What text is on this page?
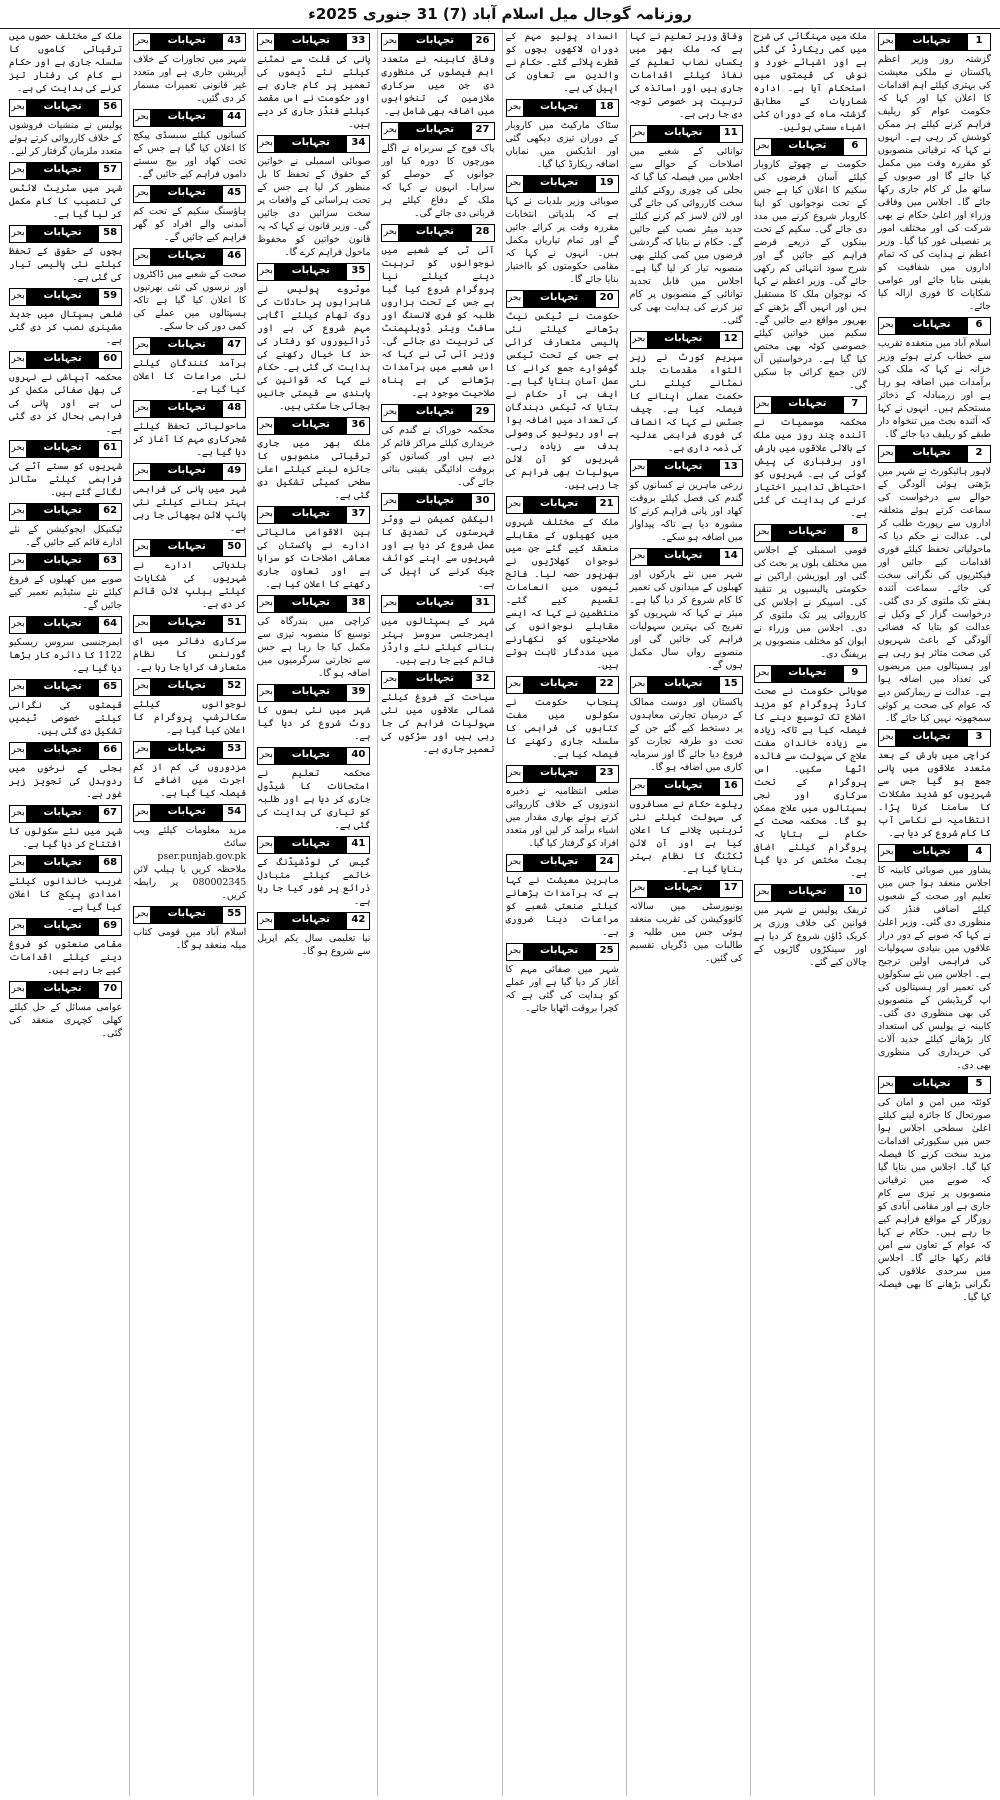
روزنامہ گوجال میل اسلام آباد (7) 31 جنوری 2025ء
1
تجہابات
بحر

گزشتہ روز وزیر اعظم پاکستان نے ملکی معیشت کی بہتری کیلئے اہم اقدامات کا اعلان کیا اور کہا کہ حکومت عوام کو ریلیف فراہم کرنے کیلئے ہر ممکن کوشش کر رہی ہے۔ انہوں نے کہا کہ ترقیاتی منصوبوں کو مقررہ وقت میں مکمل کیا جائے گا اور صوبوں کے ساتھ مل کر کام جاری رکھا جائے گا۔ اجلاس میں وفاقی وزراء اور اعلیٰ حکام نے بھی شرکت کی اور مختلف امور پر تفصیلی غور کیا گیا۔ وزیر اعظم نے ہدایت کی کہ تمام اداروں میں شفافیت کو یقینی بنایا جائے اور عوامی شکایات کا فوری ازالہ کیا جائے۔

6
تجہابات
بحر

اسلام آباد میں منعقدہ تقریب سے خطاب کرتے ہوئے وزیر خزانہ نے کہا کہ ملک کی برآمدات میں اضافہ ہو رہا ہے اور زرمبادلہ کے ذخائر مستحکم ہیں۔ انہوں نے کہا کہ آئندہ بجٹ میں تنخواہ دار طبقے کو ریلیف دیا جائے گا۔

2
تجہابات
بحر

لاہور ہائیکورٹ نے شہر میں بڑھتی ہوئی آلودگی کے حوالے سے درخواست کی سماعت کرتے ہوئے متعلقہ اداروں سے رپورٹ طلب کر لی۔ عدالت نے حکم دیا کہ ماحولیاتی تحفظ کیلئے فوری اقدامات کیے جائیں اور فیکٹریوں کی نگرانی سخت کی جائے۔ سماعت آئندہ ہفتے تک ملتوی کر دی گئی۔ درخواست گزار کے وکیل نے عدالت کو بتایا کہ فضائی آلودگی کے باعث شہریوں کی صحت متاثر ہو رہی ہے اور ہسپتالوں میں مریضوں کی تعداد میں اضافہ ہوا ہے۔ عدالت نے ریمارکس دیے کہ عوام کی صحت پر کوئی سمجھوتہ نہیں کیا جائے گا۔

3
تجہابات
بحر

کراچی میں بارش کے بعد متعدد علاقوں میں پانی جمع ہو گیا جس سے شہریوں کو شدید مشکلات کا سامنا کرنا پڑا۔ انتظامیہ نے نکاسی آب کا کام شروع کر دیا ہے۔

4
تجہابات
بحر

پشاور میں صوبائی کابینہ کا اجلاس منعقد ہوا جس میں تعلیم اور صحت کے شعبوں کیلئے اضافی فنڈز کی منظوری دی گئی۔ وزیر اعلیٰ نے کہا کہ صوبے کے دور دراز علاقوں میں بنیادی سہولیات کی فراہمی اولین ترجیح ہے۔ اجلاس میں نئے سکولوں کی تعمیر اور ہسپتالوں کی اپ گریڈیشن کے منصوبوں کی بھی منظوری دی گئی۔ کابینہ نے پولیس کی استعداد کار بڑھانے کیلئے جدید آلات کی خریداری کی منظوری بھی دی۔

5
تجہابات
بحر

کوئٹہ میں امن و امان کی صورتحال کا جائزہ لینے کیلئے اعلیٰ سطحی اجلاس ہوا جس میں سکیورٹی اقدامات مزید سخت کرنے کا فیصلہ کیا گیا۔ اجلاس میں بتایا گیا کہ صوبے میں ترقیاتی منصوبوں پر تیزی سے کام جاری ہے اور مقامی آبادی کو روزگار کے مواقع فراہم کیے جا رہے ہیں۔ حکام نے کہا کہ عوام کے تعاون سے امن قائم رکھا جائے گا۔ اجلاس میں سرحدی علاقوں کی نگرانی بڑھانے کا بھی فیصلہ کیا گیا۔

ملک میں مہنگائی کی شرح میں کمی ریکارڈ کی گئی ہے اور اشیائے خورد و نوش کی قیمتوں میں استحکام آیا ہے۔ ادارہ شماریات کے مطابق گزشتہ ماہ کے دوران کئی اشیاء سستی ہوئیں۔

6
تجہابات
بحر

حکومت نے چھوٹے کاروبار کیلئے آسان قرضوں کی سکیم کا اعلان کیا ہے جس کے تحت نوجوانوں کو اپنا کاروبار شروع کرنے میں مدد دی جائے گی۔ سکیم کے تحت بینکوں کے ذریعے قرضے فراہم کیے جائیں گے اور شرح سود انتہائی کم رکھی جائے گی۔ وزیر اعظم نے کہا کہ نوجوان ملک کا مستقبل ہیں اور انہیں آگے بڑھنے کے بھرپور مواقع دیے جائیں گے۔ سکیم میں خواتین کیلئے خصوصی کوٹہ بھی مختص کیا گیا ہے۔ درخواستیں آن لائن جمع کرائی جا سکیں گی۔

7
تجہابات
بحر

محکمہ موسمیات نے آئندہ چند روز میں ملک کے بالائی علاقوں میں بارش اور برفباری کی پیش گوئی کی ہے۔ شہریوں کو احتیاطی تدابیر اختیار کرنے کی ہدایت کی گئی ہے۔

8
تجہابات
بحر

قومی اسمبلی کے اجلاس میں مختلف بلوں پر بحث کی گئی اور اپوزیشن اراکین نے حکومتی پالیسیوں پر تنقید کی۔ اسپیکر نے اجلاس کی کارروائی پیر تک ملتوی کر دی۔ اجلاس میں وزراء نے ایوان کو مختلف منصوبوں پر بریفنگ دی۔

9
تجہابات
بحر

صوبائی حکومت نے صحت کارڈ پروگرام کو مزید اضلاع تک توسیع دینے کا فیصلہ کیا ہے تاکہ زیادہ سے زیادہ خاندان مفت علاج کی سہولت سے فائدہ اٹھا سکیں۔ اس پروگرام کے تحت سرکاری اور نجی ہسپتالوں میں علاج ممکن ہو گا۔ محکمہ صحت کے حکام نے بتایا کہ پروگرام کیلئے اضافی بجٹ مختص کر دیا گیا ہے۔

10
تجہابات
بحر

ٹریفک پولیس نے شہر میں قوانین کی خلاف ورزی پر کریک ڈاؤن شروع کر دیا ہے اور سینکڑوں گاڑیوں کے چالان کیے گئے۔

وفاقی وزیر تعلیم نے کہا ہے کہ ملک بھر میں یکساں نصاب تعلیم کے نفاذ کیلئے اقدامات جاری ہیں اور اساتذہ کی تربیت پر خصوصی توجہ دی جا رہی ہے۔

11
تجہابات
بحر

توانائی کے شعبے میں اصلاحات کے حوالے سے اجلاس میں فیصلہ کیا گیا کہ بجلی کی چوری روکنے کیلئے سخت کارروائی کی جائے گی اور لائن لاسز کم کرنے کیلئے جدید میٹر نصب کیے جائیں گے۔ حکام نے بتایا کہ گردشی قرضوں میں کمی کیلئے بھی منصوبہ تیار کر لیا گیا ہے۔ اجلاس میں قابل تجدید توانائی کے منصوبوں پر کام تیز کرنے کی ہدایت بھی کی گئی۔

12
تجہابات
بحر

سپریم کورٹ نے زیر التواء مقدمات جلد نمٹانے کیلئے نئی حکمت عملی اپنانے کا فیصلہ کیا ہے۔ چیف جسٹس نے کہا کہ انصاف کی فوری فراہمی عدلیہ کی ذمہ داری ہے۔

13
تجہابات
بحر

زرعی ماہرین نے کسانوں کو گندم کی فصل کیلئے بروقت کھاد اور پانی فراہم کرنے کا مشورہ دیا ہے تاکہ پیداوار میں اضافہ ہو سکے۔

14
تجہابات
بحر

شہر میں نئے پارکوں اور کھیلوں کے میدانوں کی تعمیر کا کام شروع کر دیا گیا ہے۔ میئر نے کہا کہ شہریوں کو تفریح کی بہترین سہولیات فراہم کی جائیں گی اور منصوبے رواں سال مکمل ہوں گے۔

15
تجہابات
بحر

پاکستان اور دوست ممالک کے درمیان تجارتی معاہدوں پر دستخط کیے گئے جن کے تحت دو طرفہ تجارت کو فروغ دیا جائے گا اور سرمایہ کاری میں اضافہ ہو گا۔

16
تجہابات
بحر

ریلوے حکام نے مسافروں کی سہولت کیلئے نئی ٹرینیں چلانے کا اعلان کیا ہے اور آن لائن ٹکٹنگ کا نظام بہتر بنایا گیا ہے۔

17
تجہابات
بحر

یونیورسٹی میں سالانہ کانووکیشن کی تقریب منعقد ہوئی جس میں طلبہ و طالبات میں ڈگریاں تقسیم کی گئیں۔

انسداد پولیو مہم کے دوران لاکھوں بچوں کو قطرے پلائے گئے۔ حکام نے والدین سے تعاون کی اپیل کی ہے۔

18
تجہابات
بحر

سٹاک مارکیٹ میں کاروبار کے دوران تیزی دیکھی گئی اور انڈیکس میں نمایاں اضافہ ریکارڈ کیا گیا۔

19
تجہابات
بحر

صوبائی وزیر بلدیات نے کہا ہے کہ بلدیاتی انتخابات مقررہ وقت پر کرائے جائیں گے اور تمام تیاریاں مکمل ہیں۔ انہوں نے کہا کہ مقامی حکومتوں کو بااختیار بنایا جائے گا۔

20
تجہابات
بحر

حکومت نے ٹیکس نیٹ بڑھانے کیلئے نئی پالیسی متعارف کرائی ہے جس کے تحت ٹیکس گوشوارے جمع کرانے کا عمل آسان بنایا گیا ہے۔ ایف بی آر حکام نے بتایا کہ ٹیکس دہندگان کی تعداد میں اضافہ ہوا ہے اور ریونیو کی وصولی ہدف سے زیادہ رہی۔ شہریوں کو آن لائن سہولیات بھی فراہم کی جا رہی ہیں۔

21
تجہابات
بحر

ملک کے مختلف شہروں میں کھیلوں کے مقابلے منعقد کیے گئے جن میں نوجوان کھلاڑیوں نے بھرپور حصہ لیا۔ فاتح ٹیموں میں انعامات تقسیم کیے گئے۔ منتظمین نے کہا کہ ایسے مقابلے نوجوانوں کی صلاحیتوں کو نکھارنے میں مددگار ثابت ہوتے ہیں۔

22
تجہابات
بحر

پنجاب حکومت نے سکولوں میں مفت کتابوں کی فراہمی کا سلسلہ جاری رکھنے کا فیصلہ کیا ہے۔

23
تجہابات
بحر

ضلعی انتظامیہ نے ذخیرہ اندوزوں کے خلاف کارروائی کرتے ہوئے بھاری مقدار میں اشیاء برآمد کر لیں اور متعدد افراد کو گرفتار کیا گیا۔

24
تجہابات
بحر

ماہرین معیشت نے کہا ہے کہ برآمدات بڑھانے کیلئے صنعتی شعبے کو مراعات دینا ضروری ہے۔

25
تجہابات
بحر

شہر میں صفائی مہم کا آغاز کر دیا گیا ہے اور عملے کو ہدایت کی گئی ہے کہ کچرا بروقت اٹھایا جائے۔

26
تجہابات
بحر

وفاقی کابینہ نے متعدد اہم فیصلوں کی منظوری دی جن میں سرکاری ملازمین کی تنخواہوں میں اضافہ بھی شامل ہے۔

27
تجہابات
بحر

پاک فوج کے سربراہ نے اگلے مورچوں کا دورہ کیا اور جوانوں کے حوصلے کو سراہا۔ انہوں نے کہا کہ ملک کے دفاع کیلئے ہر قربانی دی جائے گی۔

28
تجہابات
بحر

آئی ٹی کے شعبے میں نوجوانوں کو تربیت دینے کیلئے نیا پروگرام شروع کیا گیا ہے جس کے تحت ہزاروں طلبہ کو فری لانسنگ اور سافٹ ویئر ڈویلپمنٹ کی تربیت دی جائے گی۔ وزیر آئی ٹی نے کہا کہ اس شعبے میں برآمدات بڑھانے کی بے پناہ صلاحیت موجود ہے۔

29
تجہابات
بحر

محکمہ خوراک نے گندم کی خریداری کیلئے مراکز قائم کر دیے ہیں اور کسانوں کو بروقت ادائیگی یقینی بنائی جائے گی۔

30
تجہابات
بحر

الیکشن کمیشن نے ووٹر فہرستوں کی تصدیق کا عمل شروع کر دیا ہے اور شہریوں سے اپنے کوائف چیک کرنے کی اپیل کی ہے۔

31
تجہابات
بحر

شہر کے ہسپتالوں میں ایمرجنسی سروسز بہتر بنانے کیلئے نئے وارڈز قائم کیے جا رہے ہیں۔

32
تجہابات
بحر

سیاحت کے فروغ کیلئے شمالی علاقوں میں نئی سہولیات فراہم کی جا رہی ہیں اور سڑکوں کی تعمیر جاری ہے۔

33
تجہابات
بحر

پانی کی قلت سے نمٹنے کیلئے نئے ڈیموں کی تعمیر پر کام جاری ہے اور حکومت نے اس مقصد کیلئے فنڈز جاری کر دیے ہیں۔

34
تجہابات
بحر

صوبائی اسمبلی نے خواتین کے حقوق کے تحفظ کا بل منظور کر لیا ہے جس کے تحت ہراسانی کے واقعات پر سخت سزائیں دی جائیں گی۔ وزیر قانون نے کہا کہ یہ قانون خواتین کو محفوظ ماحول فراہم کرے گا۔

35
تجہابات
بحر

موٹروے پولیس نے شاہراہوں پر حادثات کی روک تھام کیلئے آگاہی مہم شروع کی ہے اور ڈرائیوروں کو رفتار کی حد کا خیال رکھنے کی ہدایت کی گئی ہے۔ حکام نے کہا کہ قوانین کی پابندی سے قیمتی جانیں بچائی جا سکتی ہیں۔

36
تجہابات
بحر

ملک بھر میں جاری ترقیاتی منصوبوں کا جائزہ لینے کیلئے اعلیٰ سطحی کمیٹی تشکیل دی گئی ہے۔

37
تجہابات
بحر

بین الاقوامی مالیاتی ادارے نے پاکستان کی معاشی اصلاحات کو سراہا ہے اور تعاون جاری رکھنے کا اعلان کیا ہے۔

38
تجہابات
بحر

کراچی میں بندرگاہ کی توسیع کا منصوبہ تیزی سے مکمل کیا جا رہا ہے جس سے تجارتی سرگرمیوں میں اضافہ ہو گا۔

39
تجہابات
بحر

شہر میں نئی بسوں کا روٹ شروع کر دیا گیا ہے۔

40
تجہابات
بحر

محکمہ تعلیم نے امتحانات کا شیڈول جاری کر دیا ہے اور طلبہ کو تیاری کی ہدایت کی گئی ہے۔

41
تجہابات
بحر

گیس کی لوڈشیڈنگ کے خاتمے کیلئے متبادل ذرائع پر غور کیا جا رہا ہے۔

42
تجہابات
بحر

نیا تعلیمی سال یکم اپریل سے شروع ہو گا۔

43
تجہابات
بحر

شہر میں تجاوزات کے خلاف آپریشن جاری ہے اور متعدد غیر قانونی تعمیرات مسمار کر دی گئیں۔

44
تجہابات
بحر

کسانوں کیلئے سبسڈی پیکج کا اعلان کیا گیا ہے جس کے تحت کھاد اور بیج سستے داموں فراہم کیے جائیں گے۔

45
تجہابات
بحر

ہاؤسنگ سکیم کے تحت کم آمدنی والے افراد کو گھر فراہم کیے جائیں گے۔

46
تجہابات
بحر

صحت کے شعبے میں ڈاکٹروں اور نرسوں کی نئی بھرتیوں کا اعلان کیا گیا ہے تاکہ ہسپتالوں میں عملے کی کمی دور کی جا سکے۔

47
تجہابات
بحر

برآمد کنندگان کیلئے نئی مراعات کا اعلان کیا گیا ہے۔

48
تجہابات
بحر

ماحولیاتی تحفظ کیلئے شجرکاری مہم کا آغاز کر دیا گیا ہے۔

49
تجہابات
بحر

شہر میں پانی کی فراہمی بہتر بنانے کیلئے نئی پائپ لائن بچھائی جا رہی ہے۔

50
تجہابات
بحر

بلدیاتی ادارے نے شہریوں کی شکایات کیلئے ہیلپ لائن قائم کر دی ہے۔

51
تجہابات
بحر

سرکاری دفاتر میں ای گورننس کا نظام متعارف کرایا جا رہا ہے۔

52
تجہابات
بحر

نوجوانوں کیلئے سکالرشپ پروگرام کا اعلان کیا گیا ہے۔

53
تجہابات
بحر

مزدوروں کی کم از کم اجرت میں اضافے کا فیصلہ کیا گیا ہے۔

54
تجہابات
بحر

مزید معلومات کیلئے ویب سائٹ pser.punjab.gov.pk ملاحظہ کریں یا ہیلپ لائن 080002345 پر رابطہ کریں۔

55
تجہابات
بحر

اسلام آباد میں قومی کتاب میلہ منعقد ہو گا۔

ملک کے مختلف حصوں میں ترقیاتی کاموں کا سلسلہ جاری ہے اور حکام نے کام کی رفتار تیز کرنے کی ہدایت کی ہے۔

56
تجہابات
بحر

پولیس نے منشیات فروشوں کے خلاف کارروائی کرتے ہوئے متعدد ملزمان گرفتار کر لیے۔

57
تجہابات
بحر

شہر میں سٹریٹ لائٹس کی تنصیب کا کام مکمل کر لیا گیا ہے۔

58
تجہابات
بحر

بچوں کے حقوق کے تحفظ کیلئے نئی پالیسی تیار کی گئی ہے۔

59
تجہابات
بحر

ضلعی ہسپتال میں جدید مشینری نصب کر دی گئی ہے۔

60
تجہابات
بحر

محکمہ آبپاشی نے نہروں کی بھل صفائی مکمل کر لی ہے اور پانی کی فراہمی بحال کر دی گئی ہے۔

61
تجہابات
بحر

شہریوں کو سستے آٹے کی فراہمی کیلئے سٹالز لگائے گئے ہیں۔

62
تجہابات
بحر

ٹیکنیکل ایجوکیشن کے نئے ادارے قائم کیے جائیں گے۔

63
تجہابات
بحر

صوبے میں کھیلوں کے فروغ کیلئے نئے سٹیڈیم تعمیر کیے جائیں گے۔

64
تجہابات
بحر

ایمرجنسی سروس ریسکیو 1122 کا دائرہ کار بڑھا دیا گیا ہے۔

65
تجہابات
بحر

قیمتوں کی نگرانی کیلئے خصوصی ٹیمیں تشکیل دی گئی ہیں۔

66
تجہابات
بحر

بجلی کے نرخوں میں ردوبدل کی تجویز زیر غور ہے۔

67
تجہابات
بحر

شہر میں نئے سکولوں کا افتتاح کر دیا گیا ہے۔

68
تجہابات
بحر

غریب خاندانوں کیلئے امدادی پیکج کا اعلان کیا گیا ہے۔

69
تجہابات
بحر

مقامی صنعتوں کو فروغ دینے کیلئے اقدامات کیے جا رہے ہیں۔

70
تجہابات
بحر

عوامی مسائل کے حل کیلئے کھلی کچہری منعقد کی گئی۔
